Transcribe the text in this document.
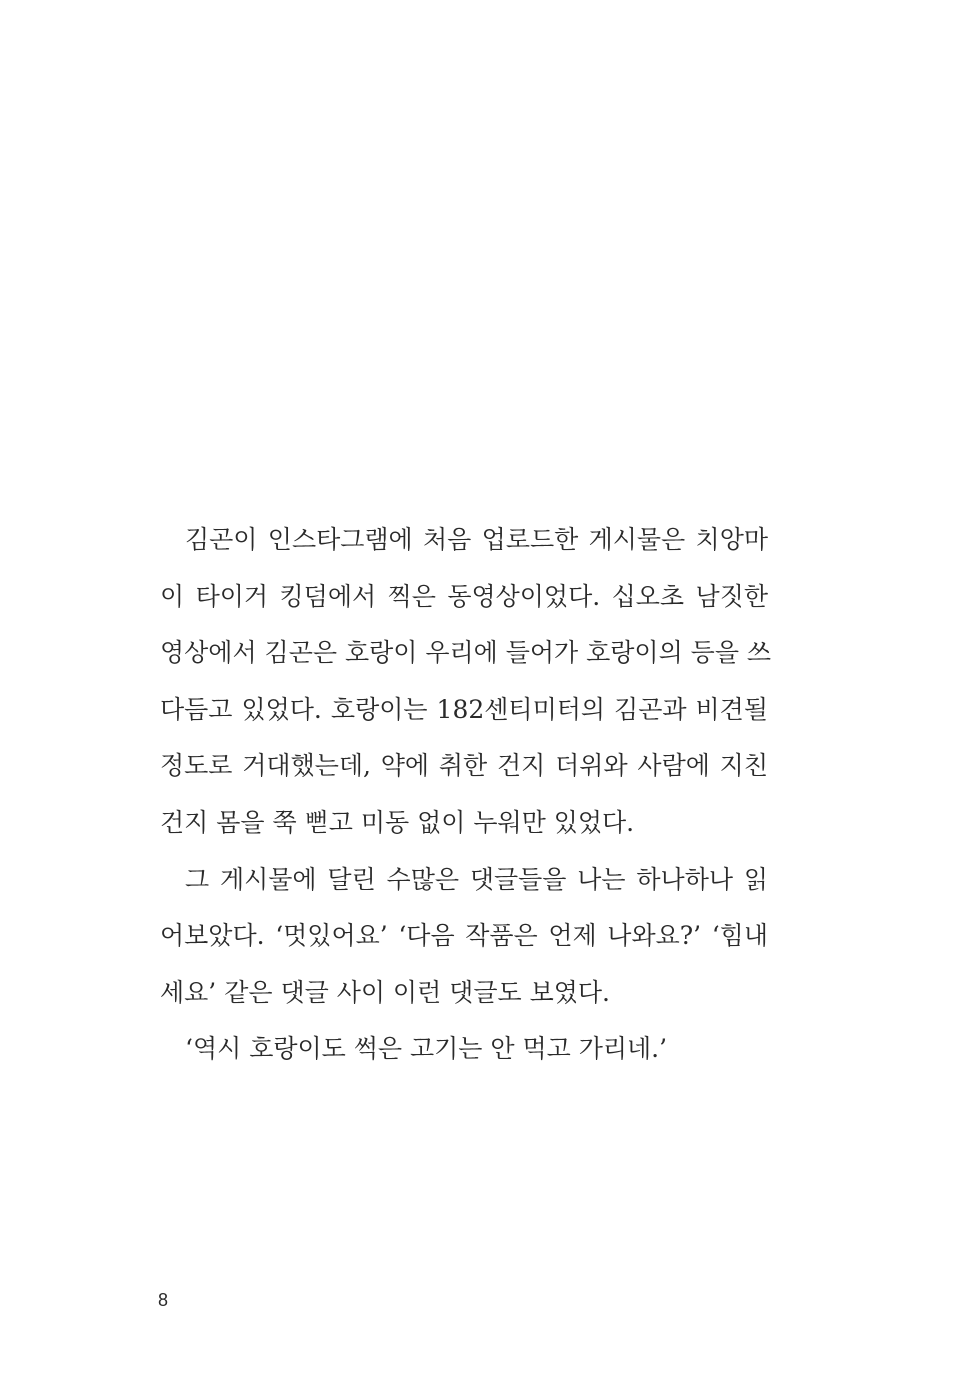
김곤이 인스타그램에 처음 업로드한 게시물은 치앙마
이 타이거 킹덤에서 찍은 동영상이었다. 십오초 남짓한
영상에서 김곤은 호랑이 우리에 들어가 호랑이의 등을 쓰
다듬고 있었다. 호랑이는 182센티미터의 김곤과 비견될
정도로 거대했는데, 약에 취한 건지 더위와 사람에 지친
건지 몸을 쭉 뻗고 미동 없이 누워만 있었다.
그 게시물에 달린 수많은 댓글들을 나는 하나하나 읽
어보았다. ‘멋있어요’ ‘다음 작품은 언제 나와요?’ ‘힘내
세요’ 같은 댓글 사이 이런 댓글도 보였다.
‘역시 호랑이도 썩은 고기는 안 먹고 가리네.’
8
